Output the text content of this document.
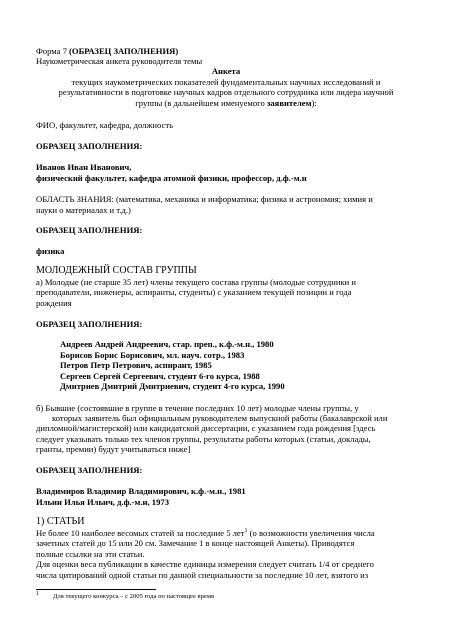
Форма 7 (ОБРАЗЕЦ ЗАПОЛНЕНИЯ)
Наукометрическая анкета руководителя темы
Анкета
текущих наукометрических показателей фундаментальных научных исследований и
результативности в подготовке научных кадров отдельного сотрудника или лидера научной
группы (в дальнейшем именуемого заявителем):
ФИО, факультет, кафедра, должность
ОБРАЗЕЦ ЗАПОЛНЕНИЯ:
Иванов Иван Иванович,
физический факультет, кафедра атомной физики, профессор, д.ф.-м.н
ОБЛАСТЬ ЗНАНИЯ: (математика, механика и информатика; физика и астрономия; химия и
науки о материалах и т.д.)
ОБРАЗЕЦ ЗАПОЛНЕНИЯ:
физика
МОЛОДЕЖНЫЙ СОСТАВ ГРУППЫ
а) Молодые (не старше 35 лет) члены текущего состава группы (молодые сотрудники и
преподаватели, инженеры, аспиранты, студенты) с указанием текущей позиции и года
рождения
ОБРАЗЕЦ ЗАПОЛНЕНИЯ:
Андреев Андрей Андреевич, стар. преп., к.ф.-м.н., 1980
Борисов Борис Борисович, мл. науч. сотр., 1983
Петров Петр Петрович, аспирант, 1985
Сергеев Сергей Сергеевич, студент 6-го курса, 1988
Дмитриев Дмитрий Дмитриевич, студент 4-го курса, 1990
б) Бывшие (состоявшие в группе в течение последних 10 лет) молодые члены группы, у
которых заявитель был официальным руководителем выпускной работы (бакалаврской или
дипломной/магистерской) или кандидатской диссертации, с указанием года рождения [здесь
следует указывать только тех членов группы, результаты работы которых (статьи, доклады,
гранты, премии) будут учитываться ниже]
ОБРАЗЕЦ ЗАПОЛНЕНИЯ:
Владимиров Владимир Владимирович, к.ф.-м.н., 1981
Ильин Илья Ильич, д.ф.-м.н, 1973
1) СТАТЬИ
Не более 10 наиболее весомых статей за последние 5 лет$^1$ (о возможности увеличения числа
зачетных статей до 15 или 20 см. Замечание 1 в конце настоящей Анкеты). Приводятся
полные ссылки на эти статьи.
Для оценки веса публикации в качестве единицы измерения следует считать 1/4 от среднего
числа цитирований одной статьи по данной специальности за последние 10 лет, взятого из
1 Для текущего конкурса – с 2005 года по настоящее время
